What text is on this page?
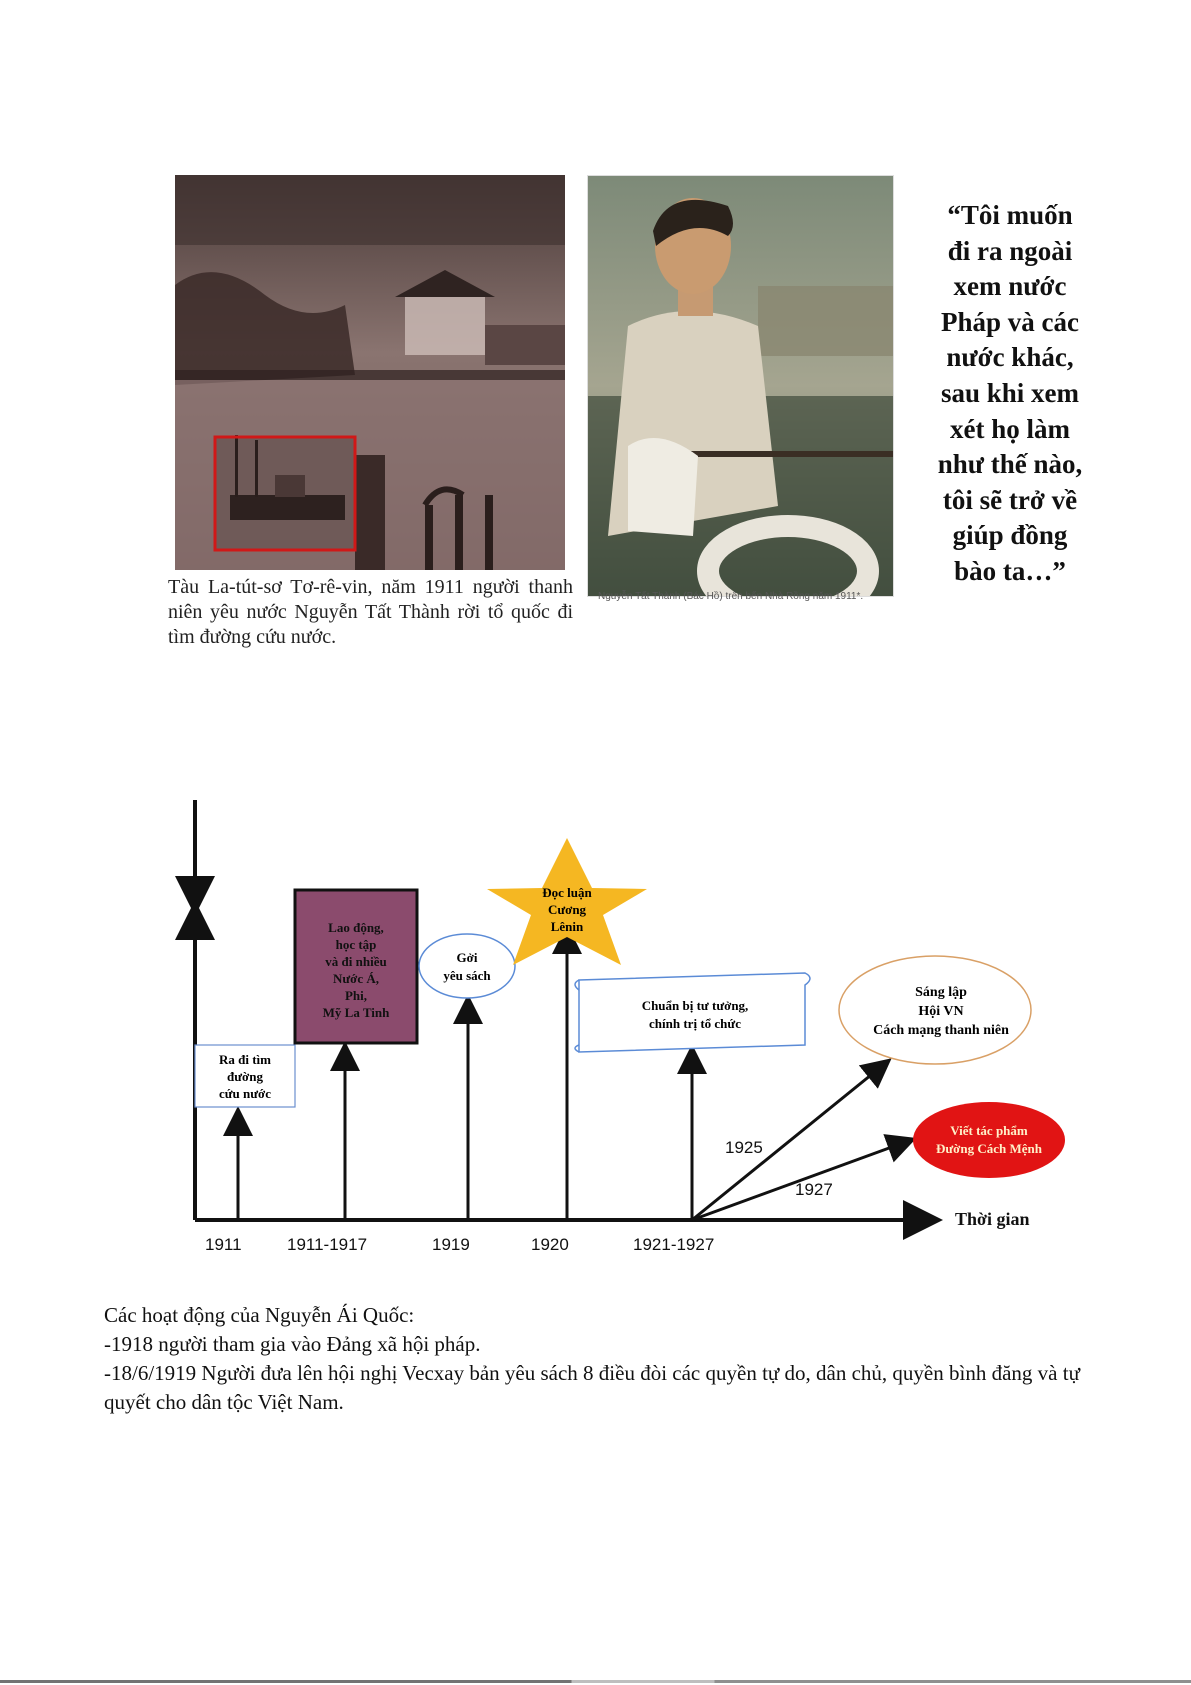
Tàu La-tút-sơ Tơ-rê-vin, năm 1911 người thanh niên yêu nước Nguyễn Tất Thành rời tổ quốc đi tìm đường cứu nước.
Nguyễn Tất Thành (Bác Hồ) trên bến Nhà Rồng năm 1911*.
“Tôi muốn
đi ra ngoài
xem nước
Pháp và các
nước khác,
sau khi xem
xét họ làm
như thế nào,
tôi sẽ trở về
giúp đồng
bào ta…”
Thời gian
1911	1911-1917	1919	1920	1921-1927
1925
1927
Ra đi tìm
đường
cứu nước
Lao động,
học tập
và đi nhiều
Nước Á,
Phi,
Mỹ La Tinh
Gởi
yêu sách
Đọc luận
Cương
Lênin
Chuẩn bị tư tưởng,
chính trị tổ chức
Sáng lập
Hội VN
Cách mạng thanh niên
Viết tác phẩm
Đường Cách Mệnh

Các hoạt động của Nguyễn Ái Quốc:

-1918 người tham gia vào Đảng xã hội pháp.

-18/6/1919 Người đưa lên hội nghị Vecxay bản yêu sách 8 điều đòi các quyền tự do, dân chủ, quyền bình đăng và tự quyết cho dân tộc Việt Nam.
